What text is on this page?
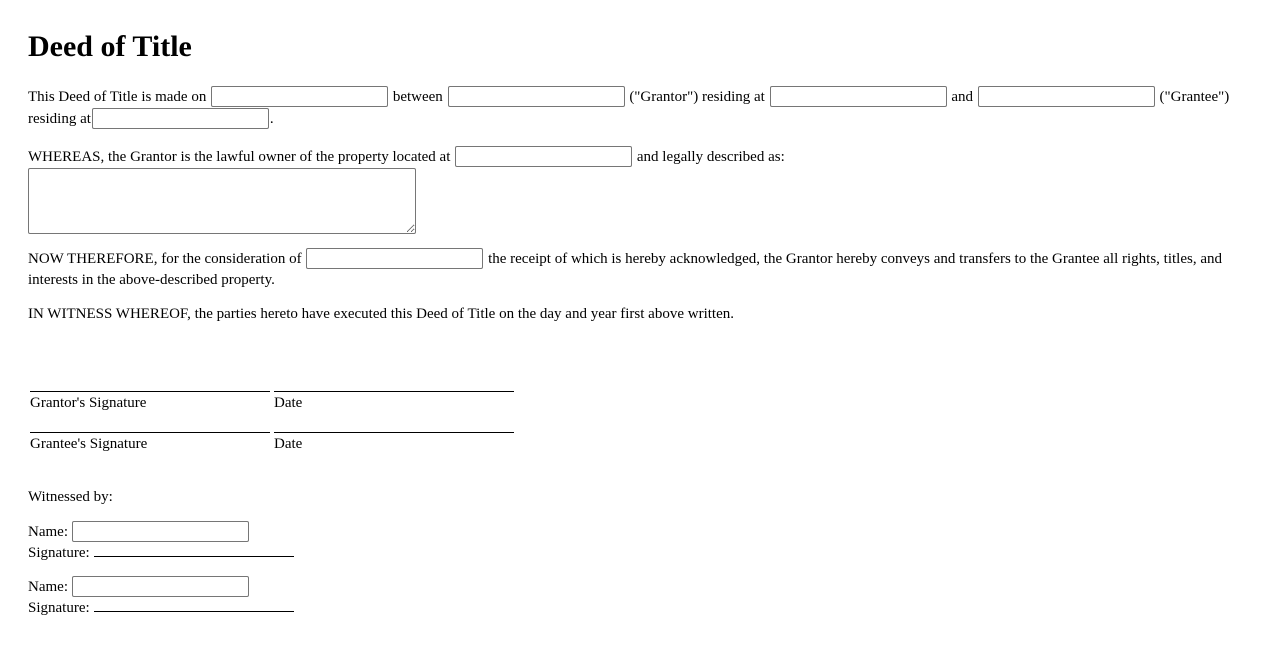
Deed of Title
This Deed of Title is made on	between	("Grantor") residing at	and	("Grantee") residing at	.
WHEREAS, the Grantor is the lawful owner of the property located at	and legally described as:
NOW THEREFORE, for the consideration of	the receipt of which is hereby acknowledged, the Grantor hereby conveys and transfers to the Grantee all rights, titles, and interests in the above-described property.
IN WITNESS WHEREOF, the parties hereto have executed this Deed of Title on the day and year first above written.
Grantor's Signature		Date

Grantee's Signature		Date
Witnessed by:
Name:
Signature:
Name:
Signature:
